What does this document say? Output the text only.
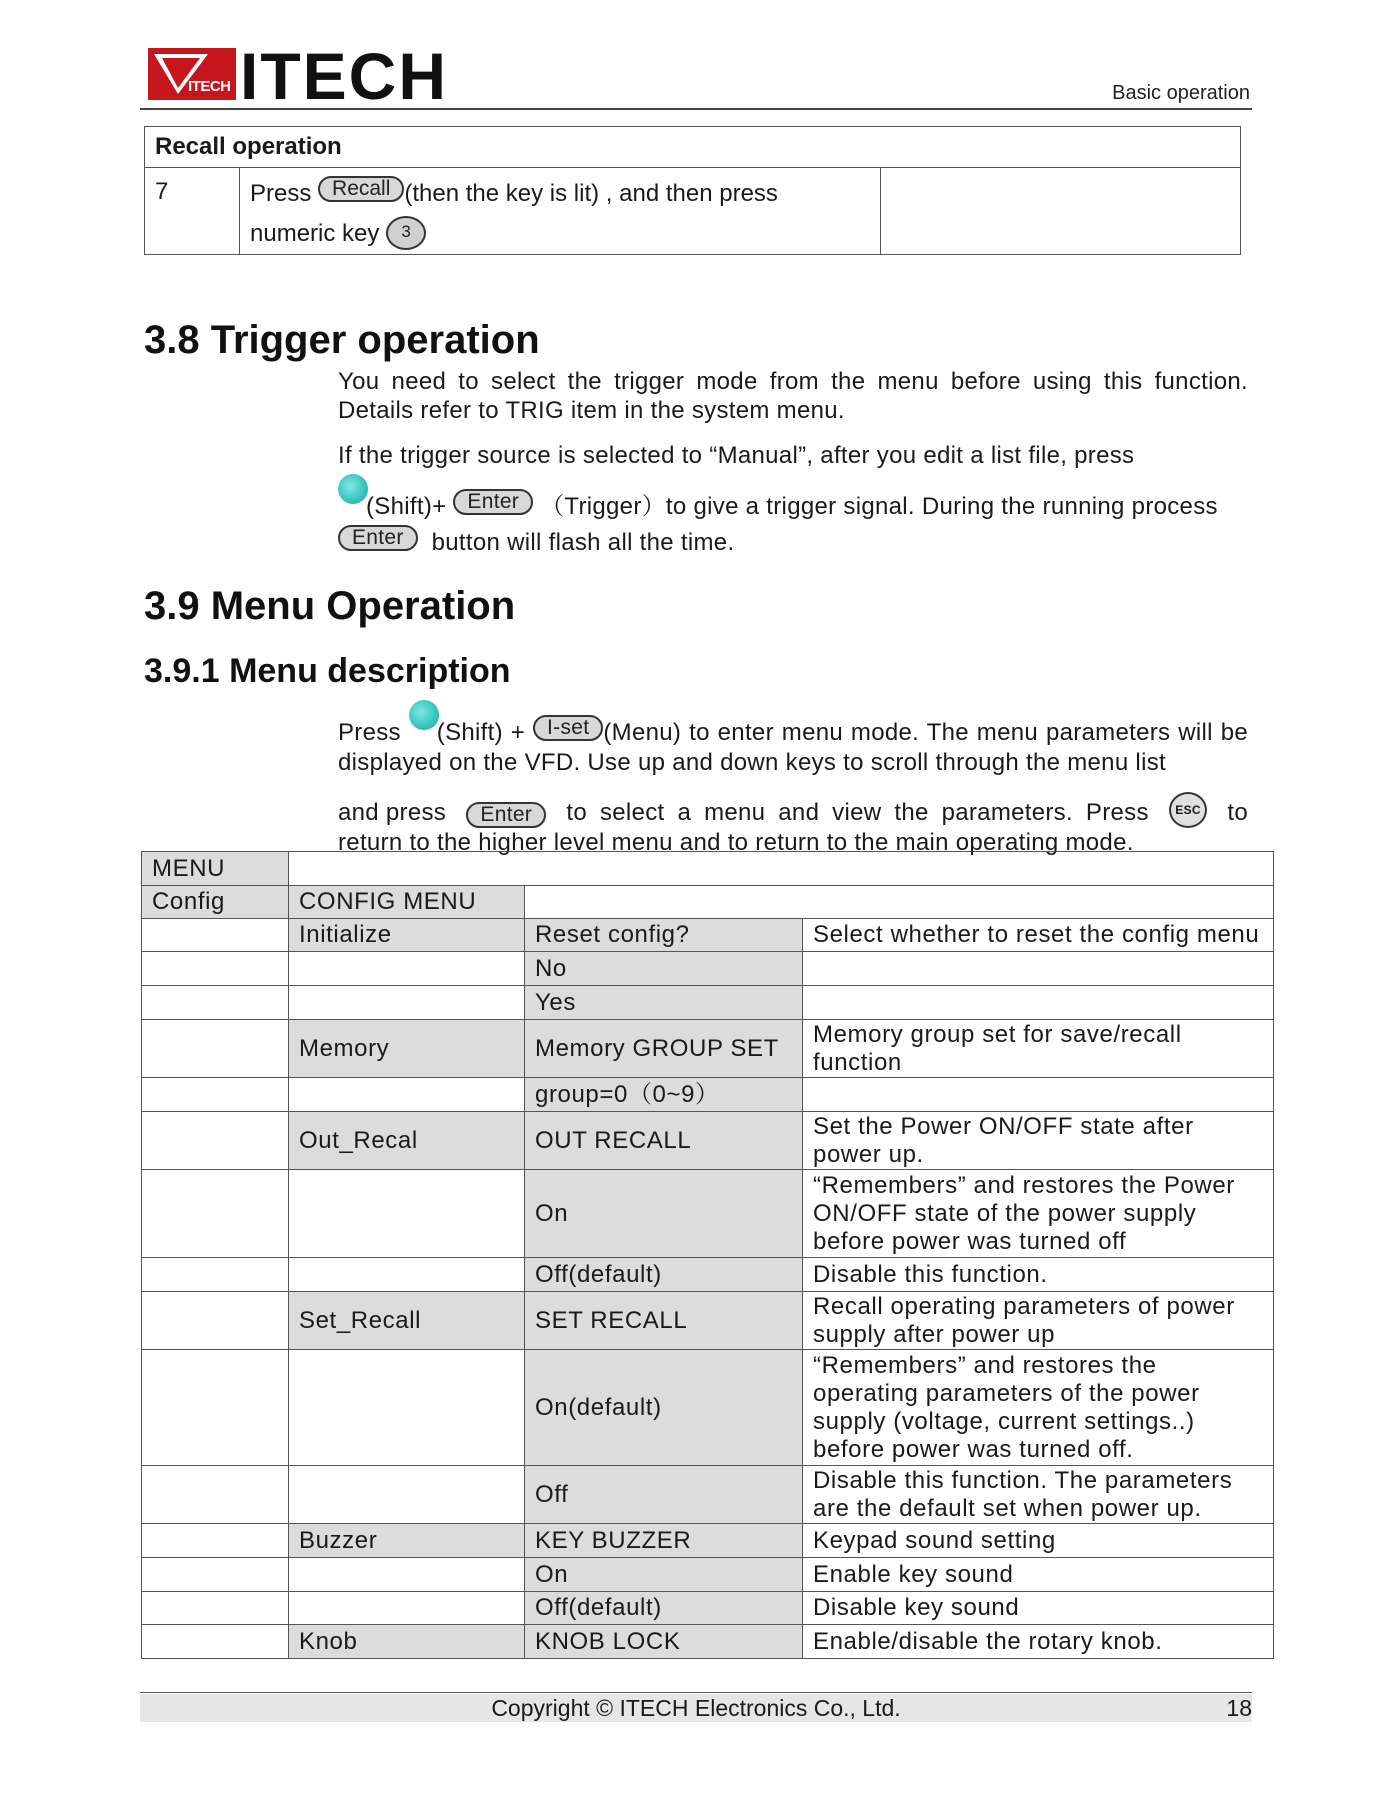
ITECH ITECH	Basic operation
Recall operation
7	Press Recall (then the key is lit) , and then press
numeric key 3	
3.8 Trigger operation

You need to select the trigger mode from the menu before using this function. Details refer to TRIG item in the system menu.

If the trigger source is selected to “Manual”, after you edit a list file, press

(Shift)+ Enter （Trigger）to give a trigger signal. During the running process
Enter button will flash all the time.
3.9 Menu Operation
3.9.1 Menu description
Press (Shift) + I-set (Menu) to enter menu mode. The menu parameters will be displayed on the VFD. Use up and down keys to scroll through the menu list
and press	Enter	to select a menu and view the parameters. Press	ESC to
return to the higher level menu and to return to the main operating mode.
MENU			
Config	CONFIG MENU		
	Initialize	Reset config?	Select whether to reset the config menu
		No	
		Yes	
	Memory	Memory GROUP SET	Memory group set for save/recall function
		group=0（0~9）	
	Out_Recal	OUT RECALL	Set the Power ON/OFF state after power up.
		On	“Remembers” and restores the Power ON/OFF state of the power supply before power was turned off
		Off(default)	Disable this function.
	Set_Recall	SET RECALL	Recall operating parameters of power supply after power up
		On(default)	“Remembers” and restores the operating parameters of the power supply (voltage, current settings..) before power was turned off.
		Off	Disable this function. The parameters are the default set when power up.
	Buzzer	KEY BUZZER	Keypad sound setting
		On	Enable key sound
		Off(default)	Disable key sound
	Knob	KNOB LOCK	Enable/disable the rotary knob.
Copyright © ITECH Electronics Co., Ltd.	18
